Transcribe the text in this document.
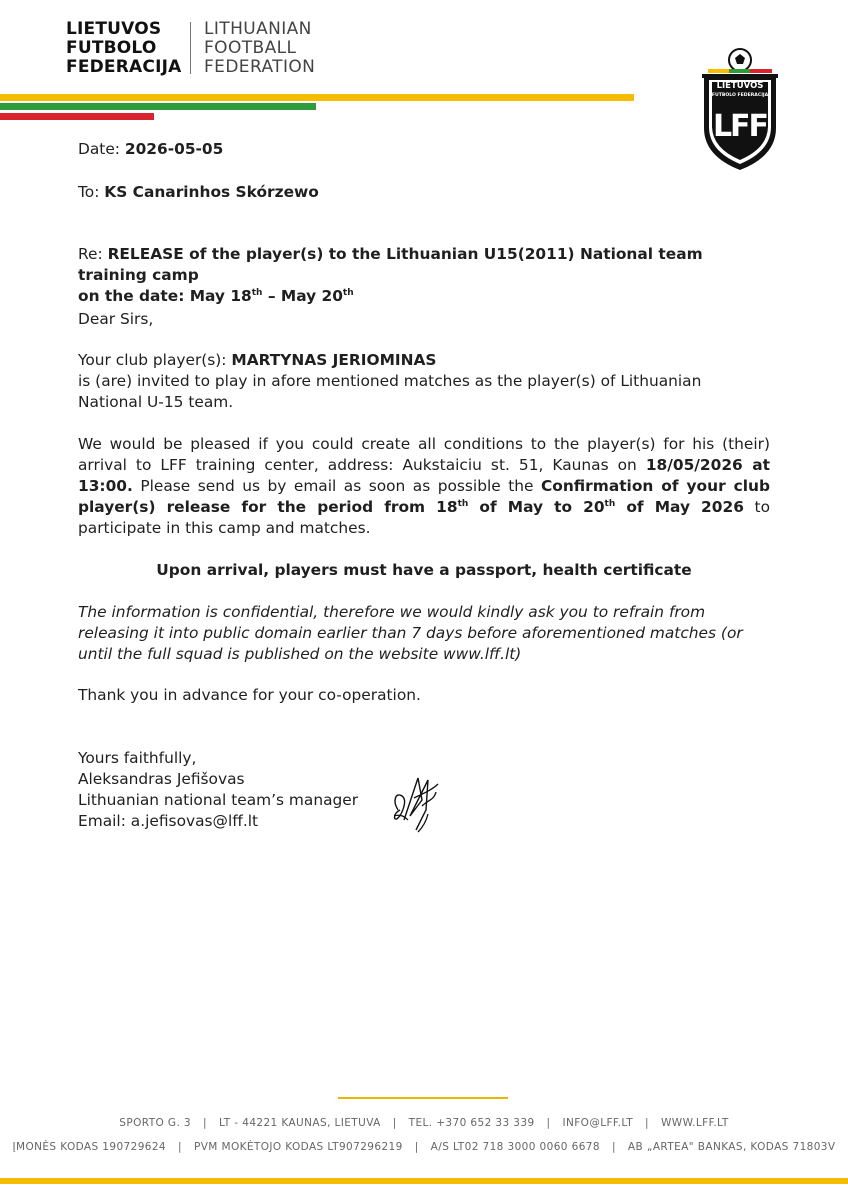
LIETUVOS
FUTBOLO
FEDERACIJA
LITHUANIAN
FOOTBALL
FEDERATION
LIETUVOS
FUTBOLO FEDERACIJA
LFF
Date: 2026-05-05
To: KS Canarinhos Skórzewo
Re: RELEASE of the player(s) to the Lithuanian U15(2011) National team training camp
on the date: May 18th – May 20th
Dear Sirs,
Your club player(s): MARTYNAS JERIOMINAS
is (are) invited to play in afore mentioned matches as the player(s) of Lithuanian National U-15 team.
We would be pleased if you could create all conditions to the player(s) for his (their) arrival to LFF training center, address: Aukstaiciu st. 51, Kaunas on 18/05/2026 at 13:00. Please send us by email as soon as possible the Confirmation of your club player(s) release for the period from 18th of May to 20th of May 2026 to participate in this camp and matches.
Upon arrival, players must have a passport, health certificate
The information is confidential, therefore we would kindly ask you to refrain from releasing it into public domain earlier than 7 days before aforementioned matches (or until the full squad is published on the website www.lff.lt)
Thank you in advance for your co-operation.
Yours faithfully,
Aleksandras Jefišovas
Lithuanian national team’s manager
Email: a.jefisovas@lff.lt
SPORTO G. 3 | LT - 44221 KAUNAS, LIETUVA | TEL. +370 652 33 339 | INFO@LFF.LT | WWW.LFF.LT
ĮMONĖS KODAS 190729624 | PVM MOKĖTOJO KODAS LT907296219 | A/S LT02 718 3000 0060 6678 | AB „ARTEA" BANKAS, KODAS 71803V
